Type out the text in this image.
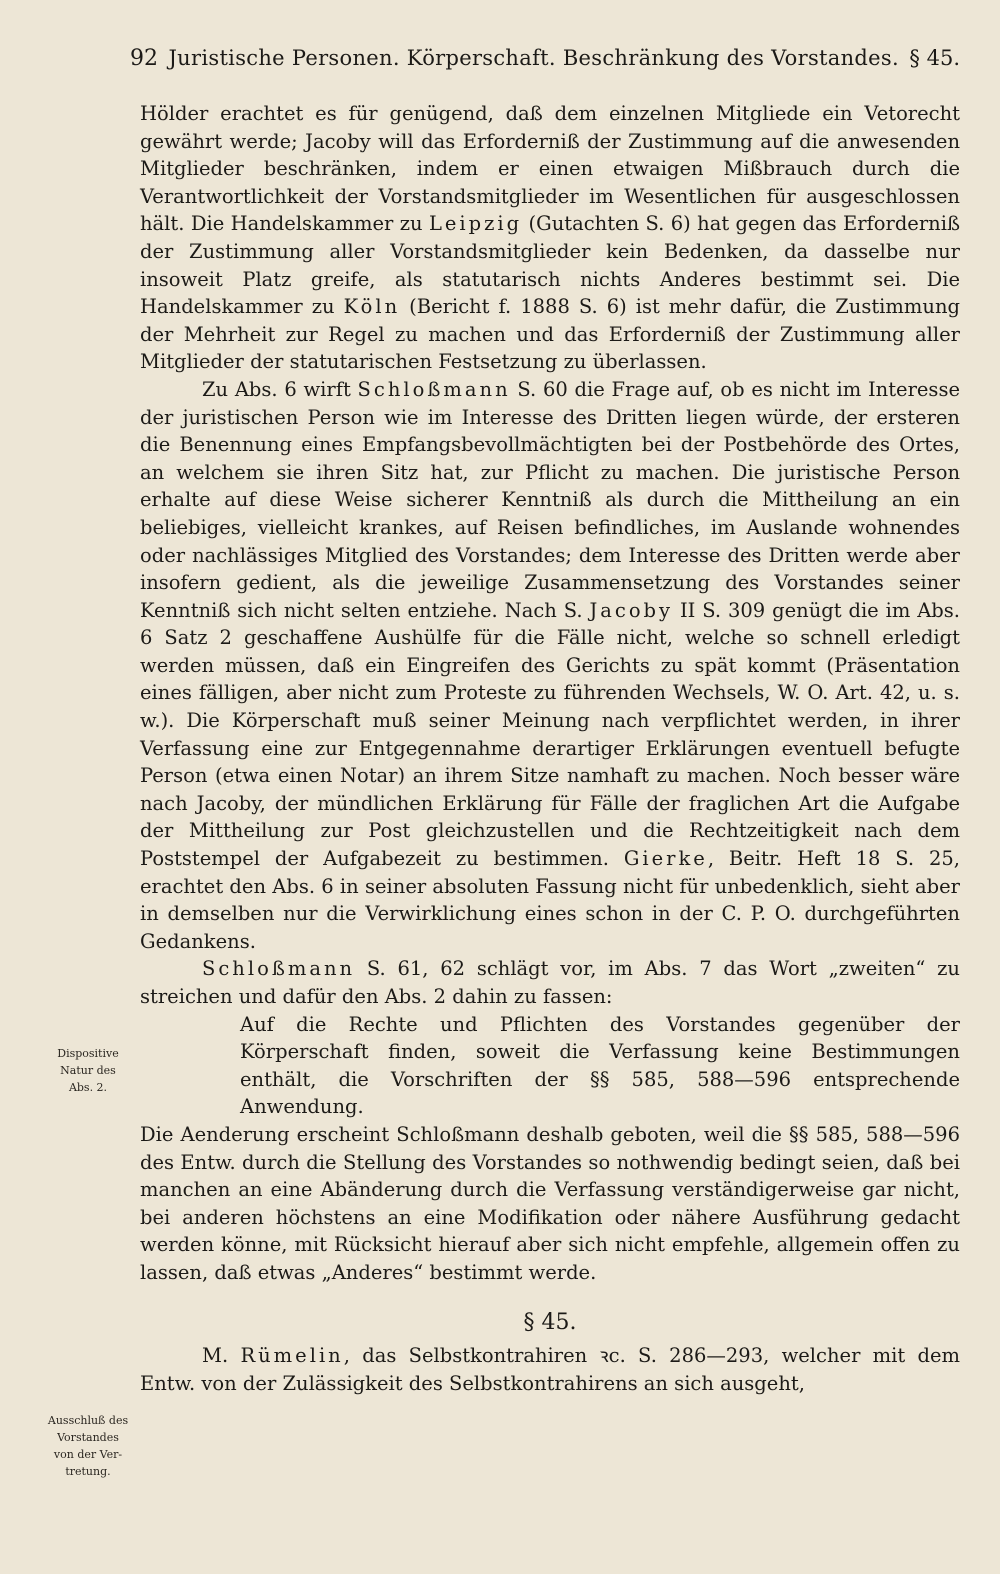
92 Juristische Personen. Körperschaft. Beschränkung des Vorstandes. § 45.
Dispositive
Natur des
Abs. 2.
Ausschluß des
Vorstandes
von der Ver-
tretung.

Hölder erachtet es für genügend, daß dem einzelnen Mitgliede ein Vetorecht gewährt werde; Jacoby will das Erforderniß der Zustimmung auf die anwesenden Mitglieder beschränken, indem er einen etwaigen Mißbrauch durch die Verantwortlichkeit der Vorstandsmitglieder im Wesentlichen für ausgeschlossen hält. Die Handelskammer zu Leipzig (Gutachten S. 6) hat gegen das Erforderniß der Zustimmung aller Vorstandsmitglieder kein Bedenken, da dasselbe nur insoweit Platz greife, als statutarisch nichts Anderes bestimmt sei. Die Handelskammer zu Köln (Bericht f. 1888 S. 6) ist mehr dafür, die Zustimmung der Mehrheit zur Regel zu machen und das Erforderniß der Zustimmung aller Mitglieder der statutarischen Festsetzung zu überlassen.

Zu Abs. 6 wirft Schloßmann S. 60 die Frage auf, ob es nicht im Interesse der juristischen Person wie im Interesse des Dritten liegen würde, der ersteren die Benennung eines Empfangsbevollmächtigten bei der Postbehörde des Ortes, an welchem sie ihren Sitz hat, zur Pflicht zu machen. Die juristische Person erhalte auf diese Weise sicherer Kenntniß als durch die Mittheilung an ein beliebiges, vielleicht krankes, auf Reisen befindliches, im Auslande wohnendes oder nachlässiges Mitglied des Vorstandes; dem Interesse des Dritten werde aber insofern gedient, als die jeweilige Zusammensetzung des Vorstandes seiner Kenntniß sich nicht selten entziehe. Nach S. Jacoby II S. 309 genügt die im Abs. 6 Satz 2 geschaffene Aushülfe für die Fälle nicht, welche so schnell erledigt werden müssen, daß ein Eingreifen des Gerichts zu spät kommt (Präsentation eines fälligen, aber nicht zum Proteste zu führenden Wechsels, W. O. Art. 42, u. s. w.). Die Körperschaft muß seiner Meinung nach verpflichtet werden, in ihrer Verfassung eine zur Entgegennahme derartiger Erklärungen eventuell befugte Person (etwa einen Notar) an ihrem Sitze namhaft zu machen. Noch besser wäre nach Jacoby, der mündlichen Erklärung für Fälle der fraglichen Art die Aufgabe der Mittheilung zur Post gleichzustellen und die Rechtzeitigkeit nach dem Poststempel der Aufgabezeit zu bestimmen. Gierke, Beitr. Heft 18 S. 25, erachtet den Abs. 6 in seiner absoluten Fassung nicht für unbedenklich, sieht aber in demselben nur die Verwirklichung eines schon in der C. P. O. durchgeführten Gedankens.

Schloßmann S. 61, 62 schlägt vor, im Abs. 7 das Wort „zweiten“ zu streichen und dafür den Abs. 2 dahin zu fassen:

Auf die Rechte und Pflichten des Vorstandes gegenüber der Körperschaft finden, soweit die Verfassung keine Bestimmungen enthält, die Vorschriften der §§ 585, 588—596 entsprechende Anwendung.

Die Aenderung erscheint Schloßmann deshalb geboten, weil die §§ 585, 588—596 des Entw. durch die Stellung des Vorstandes so nothwendig bedingt seien, daß bei manchen an eine Abänderung durch die Verfassung verständigerweise gar nicht, bei anderen höchstens an eine Modifikation oder nähere Ausführung gedacht werden könne, mit Rücksicht hierauf aber sich nicht empfehle, allgemein offen zu lassen, daß etwas „Anderes“ bestimmt werde.

§ 45.

M. Rümelin, das Selbstkontrahiren ꝛc. S. 286—293, welcher mit dem Entw. von der Zulässigkeit des Selbstkontrahirens an sich ausgeht,
